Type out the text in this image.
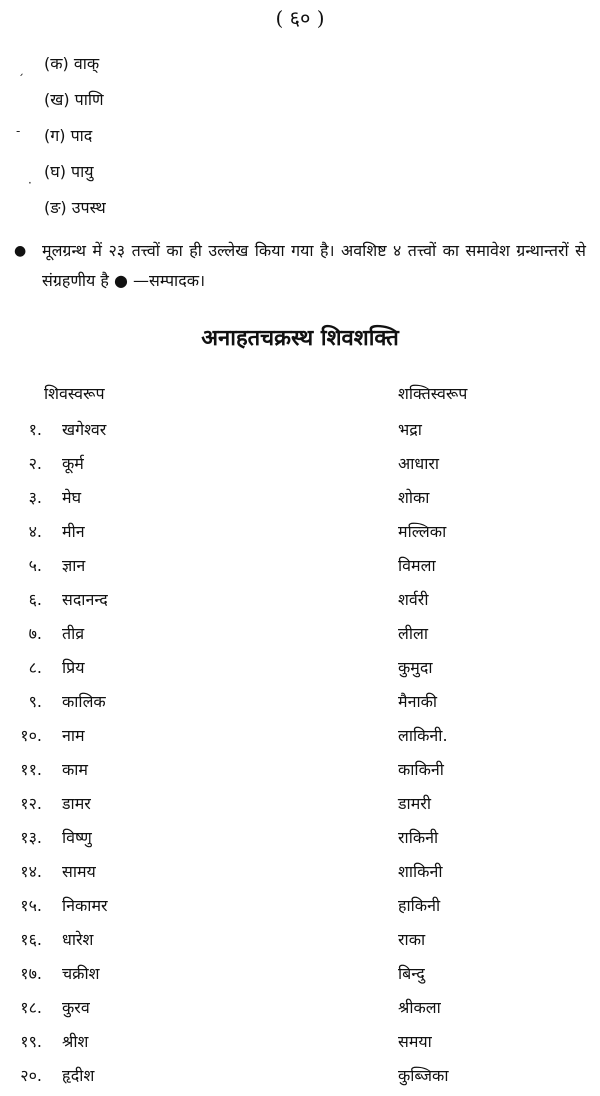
( ६० )
(क) वाक्
(ख) पाणि
(ग) पाद
(घ) पायु
(ङ) उपस्थ
ˏ
-
·
● मूलग्रन्थ में २३ तत्त्वों का ही उल्लेख किया गया है। अवशिष्ट ४ तत्त्वों का समावेश ग्रन्थान्तरों से संग्रहणीय है ● —सम्पादक।
अनाहतचक्रस्थ शिवशक्ति
शिवस्वरूप	शक्तिस्वरूप
१. खगेश्वर	भद्रा
२. कूर्म	आधारा
३. मेघ	शोका
४. मीन	मल्लिका
५. ज्ञान	विमला
६. सदानन्द	शर्वरी
७. तीव्र	लीला
८. प्रिय	कुमुदा
९. कालिक	मैनाकी
१०. नाम	लाकिनी.
११. काम	काकिनी
१२. डामर	डामरी
१३. विष्णु	राकिनी
१४. सामय	शाकिनी
१५. निकामर	हाकिनी
१६. धारेश	राका
१७. चक्रीश	बिन्दु
१८. कुरव	श्रीकला
१९. श्रीश	समया
२०. हृदीश	कुब्जिका
